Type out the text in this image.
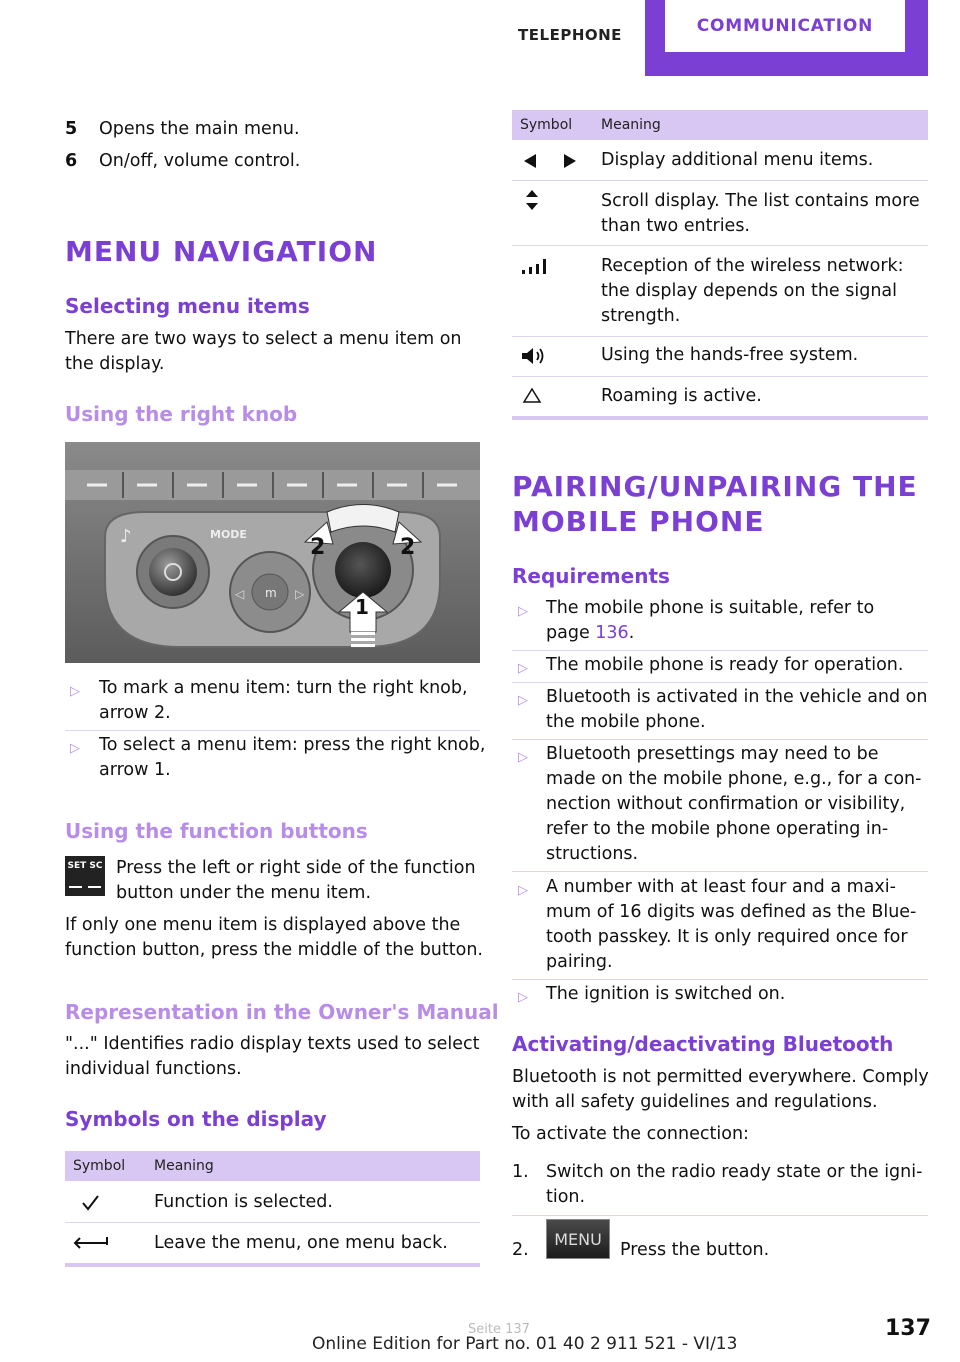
TELEPHONE	COMMUNICATION
5 Opens the main menu.
6 On/off, volume control.
MENU NAVIGATION
Selecting menu items
There are two ways to select a menu item on
the display.
Using the right knob
♪	MODE
m
◁	▷
2	2
1
▷ To mark a menu item: turn the right knob,
arrow 2.
▷ To select a menu item: press the right knob,
arrow 1.
Using the function buttons
SET SC Press the left or right side of the function
button under the menu item.
If only one menu item is displayed above the
function button, press the middle of the button.
Representation in the Owner's Manual
"..." Identifies radio display texts used to select
individual functions.
Symbols on the display
Symbol Meaning
Function is selected.
Leave the menu, one menu back.
Symbol Meaning
Display additional menu items.
Scroll display. The list contains more
than two entries.
Reception of the wireless network:
the display depends on the signal
strength.
Using the hands-free system.
Roaming is active.
PAIRING/UNPAIRING THE
MOBILE PHONE
Requirements
▷ The mobile phone is suitable, refer to
page 136.
▷ The mobile phone is ready for operation.
▷ Bluetooth is activated in the vehicle and on
the mobile phone.
▷ Bluetooth presettings may need to be
made on the mobile phone, e.g., for a con‐
nection without confirmation or visibility,
refer to the mobile phone operating in‐
structions.
▷ A number with at least four and a maxi‐
mum of 16 digits was defined as the Blue‐
tooth passkey. It is only required once for
pairing.
▷ The ignition is switched on.
Activating/deactivating Bluetooth
Bluetooth is not permitted everywhere. Comply
with all safety guidelines and regulations.
To activate the connection:
1. Switch on the radio ready state or the igni‐
tion.
2.
MENU
Press the button.
137
Online Edition for Part no. 01 40 2 911 521 - VI/13
Seite 137
